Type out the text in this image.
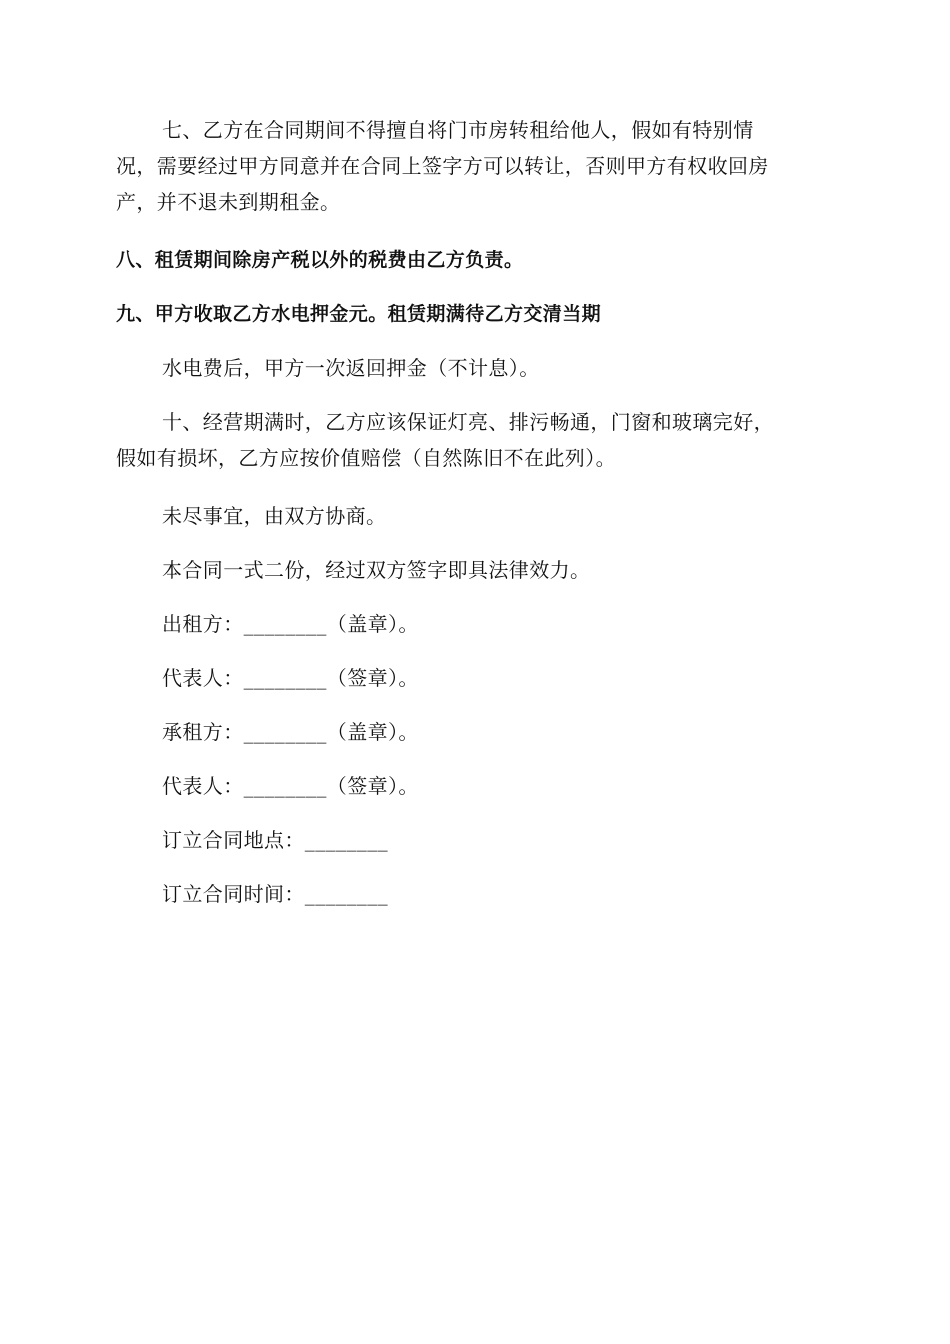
七、乙方在合同期间不得擅自将门市房转租给他人，假如有特别情
况，需要经过甲方同意并在合同上签字方可以转让，否则甲方有权收回房
产，并不退未到期租金。
八、租赁期间除房产税以外的税费由乙方负责。
九、甲方收取乙方水电押金元。租赁期满待乙方交清当期
水电费后，甲方一次返回押金（不计息）。
十、经营期满时，乙方应该保证灯亮、排污畅通，门窗和玻璃完好，
假如有损坏，乙方应按价值赔偿（自然陈旧不在此列）。
未尽事宜，由双方协商。
本合同一式二份，经过双方签字即具法律效力。
出租方：________（盖章）。
代表人：________（签章）。
承租方：________（盖章）。
代表人：________（签章）。
订立合同地点：________
订立合同时间：________
